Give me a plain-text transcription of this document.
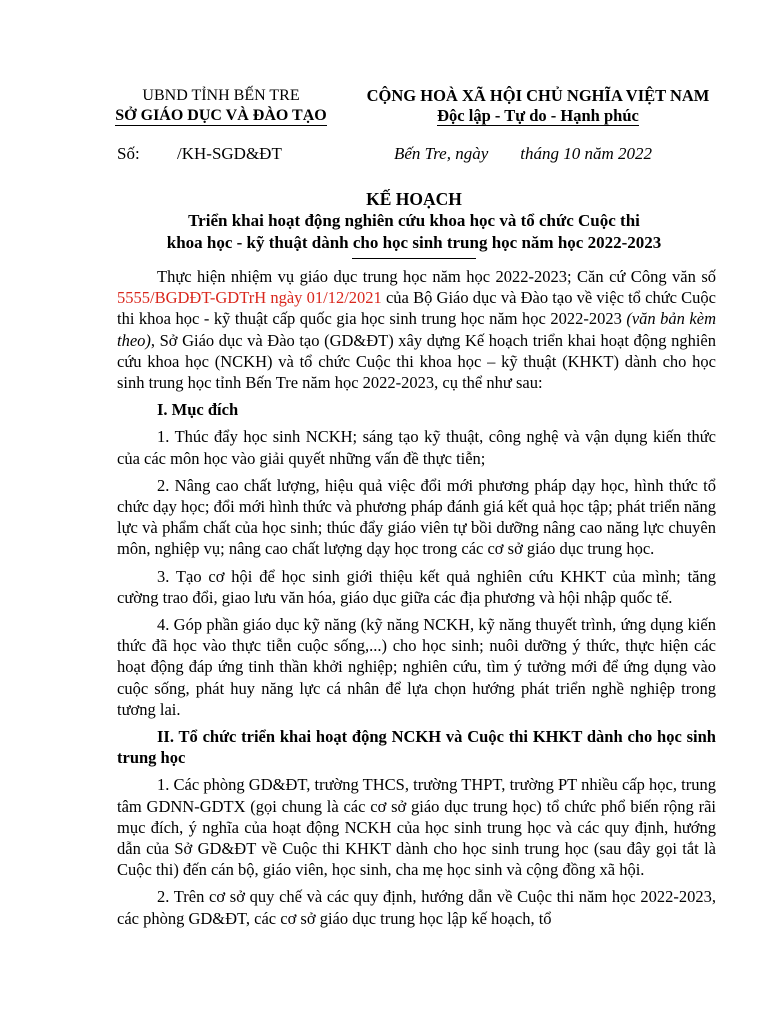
UBND TỈNH BẾN TRE
SỞ GIÁO DỤC VÀ ĐÀO TẠO
CỘNG HOÀ XÃ HỘI CHỦ NGHĨA VIỆT NAM
Độc lập - Tự do - Hạnh phúc
Số: /KH-SGD&ĐT	Bến Tre, ngày tháng 10 năm 2022
KẾ HOẠCH
Triển khai hoạt động nghiên cứu khoa học và tổ chức Cuộc thi
khoa học - kỹ thuật dành cho học sinh trung học năm học 2022-2023

Thực hiện nhiệm vụ giáo dục trung học năm học 2022-2023; Căn cứ Công văn số 5555/BGDĐT-GDTrH ngày 01/12/2021 của Bộ Giáo dục và Đào tạo về việc tổ chức Cuộc thi khoa học - kỹ thuật cấp quốc gia học sinh trung học năm học 2022-2023 (văn bản kèm theo), Sở Giáo dục và Đào tạo (GD&ĐT) xây dựng Kế hoạch triển khai hoạt động nghiên cứu khoa học (NCKH) và tổ chức Cuộc thi khoa học – kỹ thuật (KHKT) dành cho học sinh trung học tỉnh Bến Tre năm học 2022-2023, cụ thể như sau:

I. Mục đích

1. Thúc đẩy học sinh NCKH; sáng tạo kỹ thuật, công nghệ và vận dụng kiến thức của các môn học vào giải quyết những vấn đề thực tiễn;

2. Nâng cao chất lượng, hiệu quả việc đổi mới phương pháp dạy học, hình thức tổ chức dạy học; đổi mới hình thức và phương pháp đánh giá kết quả học tập; phát triển năng lực và phẩm chất của học sinh; thúc đẩy giáo viên tự bồi dưỡng nâng cao năng lực chuyên môn, nghiệp vụ; nâng cao chất lượng dạy học trong các cơ sở giáo dục trung học.

3. Tạo cơ hội để học sinh giới thiệu kết quả nghiên cứu KHKT của mình; tăng cường trao đổi, giao lưu văn hóa, giáo dục giữa các địa phương và hội nhập quốc tế.

4. Góp phần giáo dục kỹ năng (kỹ năng NCKH, kỹ năng thuyết trình, ứng dụng kiến thức đã học vào thực tiễn cuộc sống,...) cho học sinh; nuôi dưỡng ý thức, thực hiện các hoạt động đáp ứng tinh thần khởi nghiệp; nghiên cứu, tìm ý tưởng mới để ứng dụng vào cuộc sống, phát huy năng lực cá nhân để lựa chọn hướng phát triển nghề nghiệp trong tương lai.

II. Tổ chức triển khai hoạt động NCKH và Cuộc thi KHKT dành cho học sinh trung học

1. Các phòng GD&ĐT, trường THCS, trường THPT, trường PT nhiều cấp học, trung tâm GDNN-GDTX (gọi chung là các cơ sở giáo dục trung học) tổ chức phổ biến rộng rãi mục đích, ý nghĩa của hoạt động NCKH của học sinh trung học và các quy định, hướng dẫn của Sở GD&ĐT về Cuộc thi KHKT dành cho học sinh trung học (sau đây gọi tắt là Cuộc thi) đến cán bộ, giáo viên, học sinh, cha mẹ học sinh và cộng đồng xã hội.

2. Trên cơ sở quy chế và các quy định, hướng dẫn về Cuộc thi năm học 2022-2023, các phòng GD&ĐT, các cơ sở giáo dục trung học lập kế hoạch, tổ
